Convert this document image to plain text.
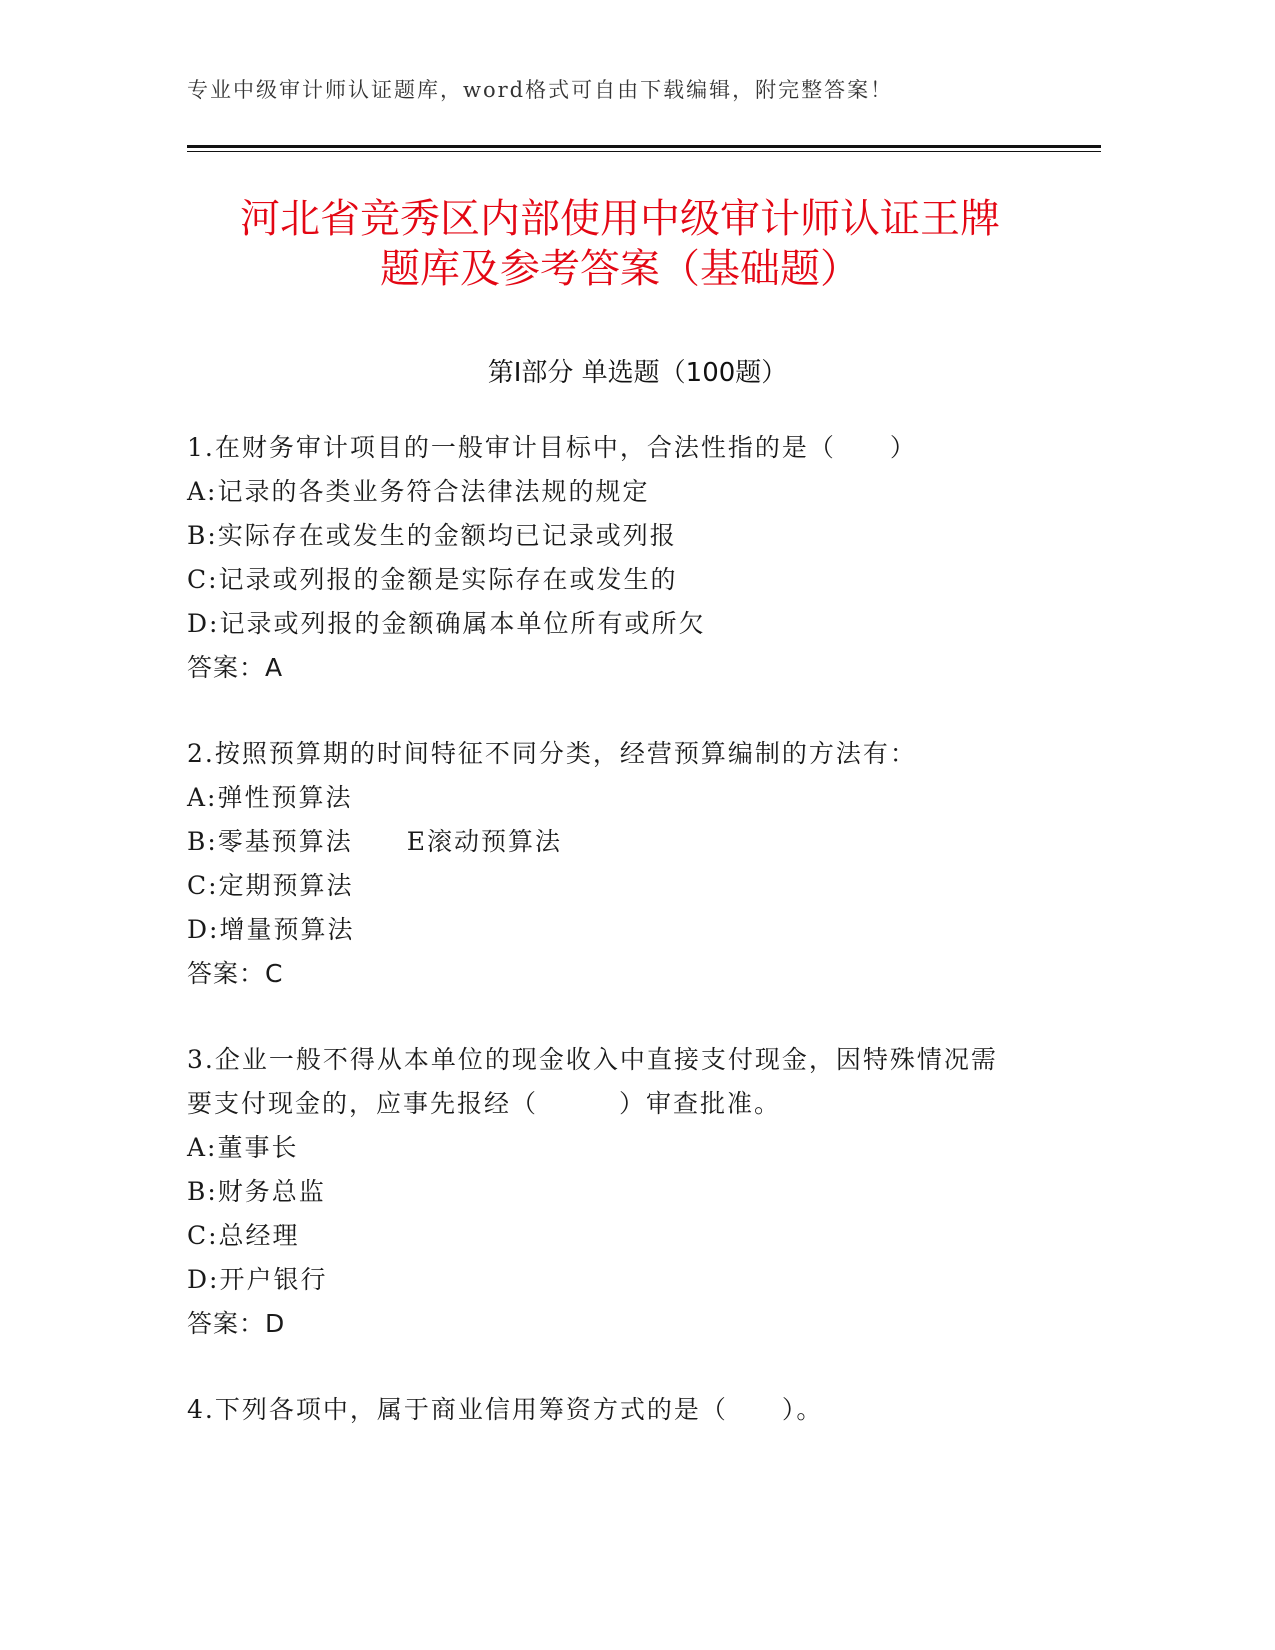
专业中级审计师认证题库，word格式可自由下载编辑，附完整答案！
河北省竞秀区内部使用中级审计师认证王牌
题库及参考答案（基础题）
第Ⅰ部分 单选题（100题）
1.在财务审计项目的一般审计目标中，合法性指的是（　　）
A:记录的各类业务符合法律法规的规定
B:实际存在或发生的金额均已记录或列报
C:记录或列报的金额是实际存在或发生的
D:记录或列报的金额确属本单位所有或所欠
答案：A
2.按照预算期的时间特征不同分类，经营预算编制的方法有：
A:弹性预算法
B:零基预算法　　E滚动预算法
C:定期预算法
D:增量预算法
答案：C
3.企业一般不得从本单位的现金收入中直接支付现金，因特殊情况需
要支付现金的，应事先报经（　　　）审查批准。
A:董事长
B:财务总监
C:总经理
D:开户银行
答案：D
4.下列各项中，属于商业信用筹资方式的是（　　）。
